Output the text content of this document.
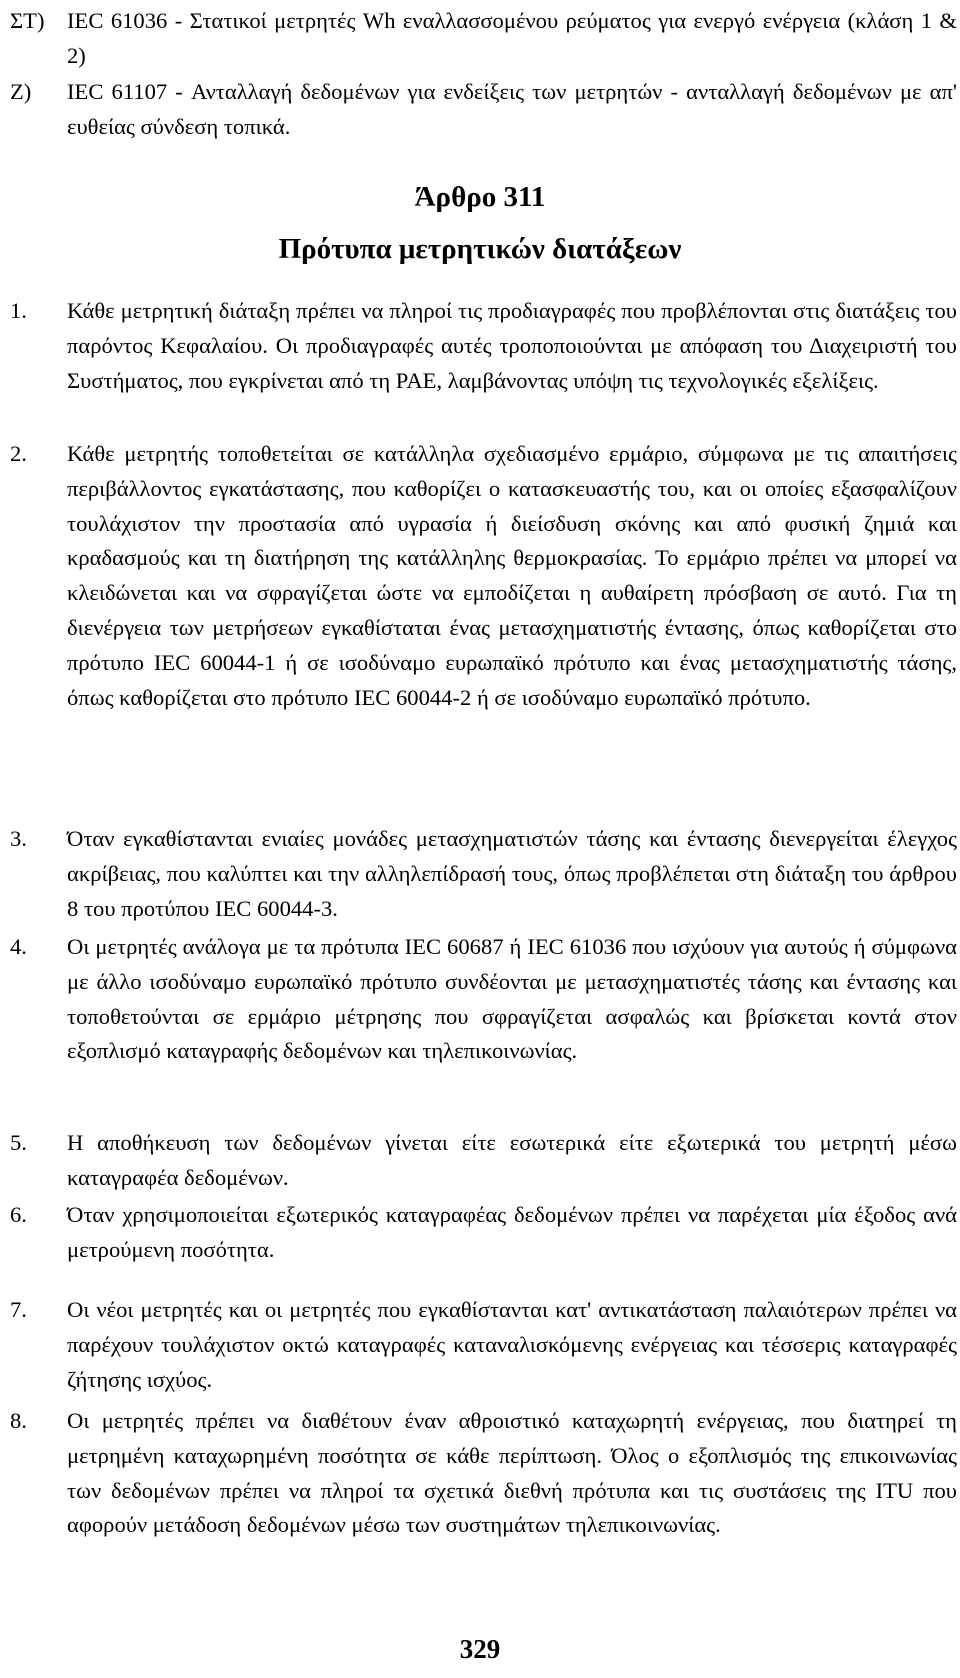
ΣΤ) IEC 61036 - Στατικοί μετρητές Wh εναλλασσομένου ρεύματος για ενεργό ενέργεια (κλάση 1 & 2)

Ζ) IEC 61107 - Ανταλλαγή δεδομένων για ενδείξεις των μετρητών - ανταλλαγή δεδομένων με απ' ευθείας σύνδεση τοπικά.

Άρθρο 311
Πρότυπα μετρητικών διατάξεων
1. Κάθε μετρητική διάταξη πρέπει να πληροί τις προδιαγραφές που προβλέπονται στις διατάξεις του παρόντος Κεφαλαίου. Οι προδιαγραφές αυτές τροποποιούνται με απόφαση του Διαχειριστή του Συστήματος, που εγκρίνεται από τη ΡΑΕ, λαμβάνοντας υπόψη τις τεχνολογικές εξελίξεις.

2. Κάθε μετρητής τοποθετείται σε κατάλληλα σχεδιασμένο ερμάριο, σύμφωνα με τις απαιτήσεις περιβάλλοντος εγκατάστασης, που καθορίζει ο κατασκευαστής του, και οι οποίες εξασφαλίζουν τουλάχιστον την προστασία από υγρασία ή διείσδυση σκόνης και από φυσική ζημιά και κραδασμούς και τη διατήρηση της κατάλληλης θερμοκρασίας. Το ερμάριο πρέπει να μπορεί να κλειδώνεται και να σφραγίζεται ώστε να εμποδίζεται η αυθαίρετη πρόσβαση σε αυτό. Για τη διενέργεια των μετρήσεων εγκαθίσταται ένας μετασχηματιστής έντασης, όπως καθορίζεται στο πρότυπο IEC 60044-1 ή σε ισοδύναμο ευρωπαϊκό πρότυπο και ένας μετασχηματιστής τάσης, όπως καθορίζεται στο πρότυπο IEC 60044-2 ή σε ισοδύναμο ευρωπαϊκό πρότυπο.

3. Όταν εγκαθίστανται ενιαίες μονάδες μετασχηματιστών τάσης και έντασης διενεργείται έλεγχος ακρίβειας, που καλύπτει και την αλληλεπίδρασή τους, όπως προβλέπεται στη διάταξη του άρθρου 8 του προτύπου IEC 60044-3.

4. Οι μετρητές ανάλογα με τα πρότυπα IEC 60687 ή IEC 61036 που ισχύουν για αυτούς ή σύμφωνα με άλλο ισοδύναμο ευρωπαϊκό πρότυπο συνδέονται με μετασχηματιστές τάσης και έντασης και τοποθετούνται σε ερμάριο μέτρησης που σφραγίζεται ασφαλώς και βρίσκεται κοντά στον εξοπλισμό καταγραφής δεδομένων και τηλεπικοινωνίας.

5. Η αποθήκευση των δεδομένων γίνεται είτε εσωτερικά είτε εξωτερικά του μετρητή μέσω καταγραφέα δεδομένων.

6. Όταν χρησιμοποιείται εξωτερικός καταγραφέας δεδομένων πρέπει να παρέχεται μία έξοδος ανά μετρούμενη ποσότητα.

7. Οι νέοι μετρητές και οι μετρητές που εγκαθίστανται κατ' αντικατάσταση παλαιότερων πρέπει να παρέχουν τουλάχιστον οκτώ καταγραφές καταναλισκόμενης ενέργειας και τέσσερις καταγραφές ζήτησης ισχύος.

8. Οι μετρητές πρέπει να διαθέτουν έναν αθροιστικό καταχωρητή ενέργειας, που διατηρεί τη μετρημένη καταχωρημένη ποσότητα σε κάθε περίπτωση. Όλος ο εξοπλισμός της επικοινωνίας των δεδομένων πρέπει να πληροί τα σχετικά διεθνή πρότυπα και τις συστάσεις της ITU που αφορούν μετάδοση δεδομένων μέσω των συστημάτων τηλεπικοινωνίας.

329
